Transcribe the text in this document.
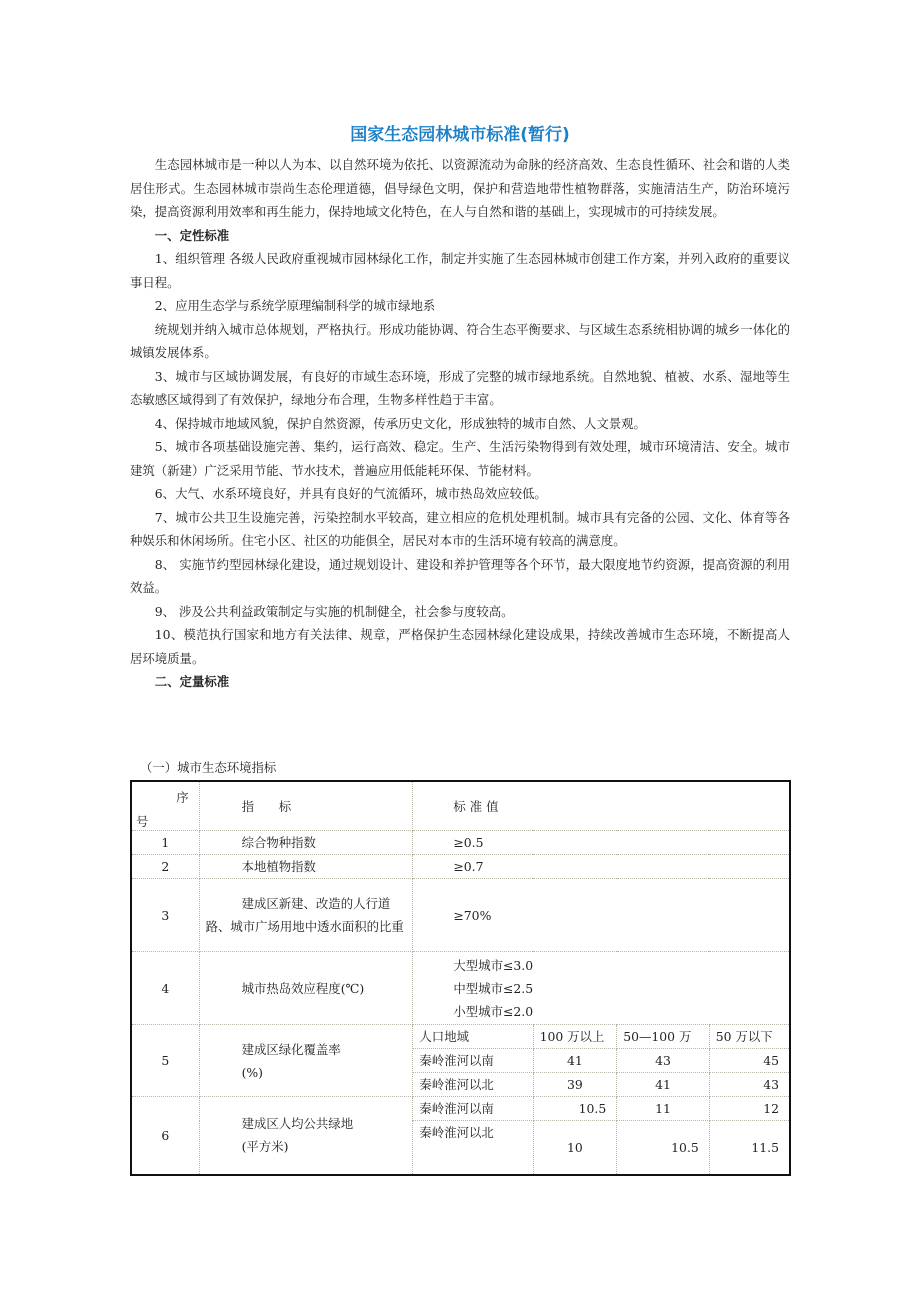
国家生态园林城市标准(暂行)

生态园林城市是一种以人为本、以自然环境为依托、以资源流动为命脉的经济高效、生态良性循环、社会和谐的人类居住形式。生态园林城市崇尚生态伦理道德，倡导绿色文明，保护和营造地带性植物群落，实施清洁生产，防治环境污染，提高资源利用效率和再生能力，保持地域文化特色，在人与自然和谐的基础上，实现城市的可持续发展。

一、定性标准

1、组织管理 各级人民政府重视城市园林绿化工作，制定并实施了生态园林城市创建工作方案，并列入政府的重要议事日程。

2、应用生态学与系统学原理编制科学的城市绿地系

统规划并纳入城市总体规划，严格执行。形成功能协调、符合生态平衡要求、与区域生态系统相协调的城乡一体化的城镇发展体系。

3、城市与区域协调发展，有良好的市域生态环境，形成了完整的城市绿地系统。自然地貌、植被、水系、湿地等生态敏感区域得到了有效保护，绿地分布合理，生物多样性趋于丰富。

4、保持城市地域风貌，保护自然资源，传承历史文化，形成独特的城市自然、人文景观。

5、城市各项基础设施完善、集约，运行高效、稳定。生产、生活污染物得到有效处理，城市环境清洁、安全。城市建筑（新建）广泛采用节能、节水技术，普遍应用低能耗环保、节能材料。

6、大气、水系环境良好，并具有良好的气流循环，城市热岛效应较低。

7、城市公共卫生设施完善，污染控制水平较高，建立相应的危机处理机制。城市具有完备的公园、文化、体育等各种娱乐和休闲场所。住宅小区、社区的功能俱全，居民对本市的生活环境有较高的满意度。

8、 实施节约型园林绿化建设，通过规划设计、建设和养护管理等各个环节，最大限度地节约资源，提高资源的利用效益。

9、 涉及公共利益政策制定与实施的机制健全，社会参与度较高。

10、模范执行国家和地方有关法律、规章，严格保护生态园林绿化建设成果，持续改善城市生态环境，不断提高人居环境质量。

二、定量标准

（一）城市生态环境指标
序
号	指　　标	标 准 值			
1	综合物种指数	≥0.5			
2	本地植物指数	≥0.7			
3	建成区新建、改造的人行道
路、城市广场用地中透水面积的比重	≥70%			
4	城市热岛效应程度(℃)	大型城市≤3.0
中型城市≤2.5
小型城市≤2.0			

5	建成区绿化覆盖率
(%)	人口地域	100 万以上	50—100 万	50 万以下
		秦岭淮河以南	41	43	45
		秦岭淮河以北	39	41	43
6	建成区人均公共绿地
(平方米)	秦岭淮河以南	10.5	11	12
		秦岭淮河以北	10	10.5	11.5
